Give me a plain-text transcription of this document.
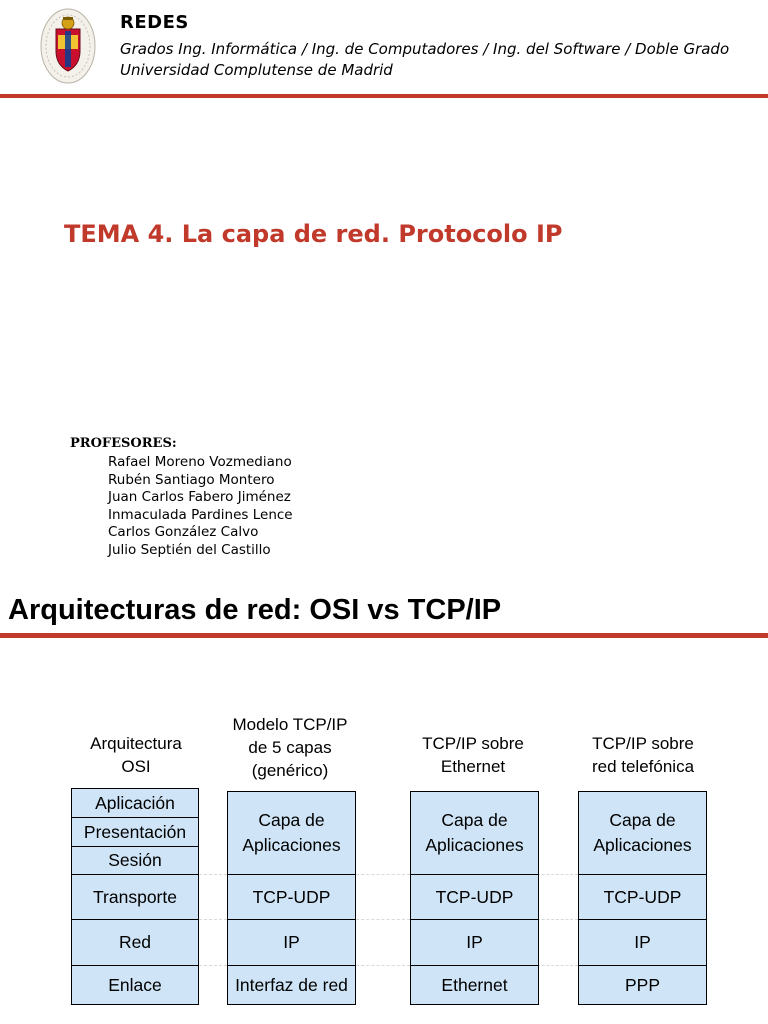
REDES
Grados Ing. Informática / Ing. de Computadores / Ing. del Software / Doble Grado
Universidad Complutense de Madrid
TEMA 4. La capa de red. Protocolo IP
PROFESORES:
Rafael Moreno Vozmediano
Rubén Santiago Montero
Juan Carlos Fabero Jiménez
Inmaculada Pardines Lence
Carlos González Calvo
Julio Septién del Castillo
Arquitecturas de red: OSI vs TCP/IP
Arquitectura
OSI
Modelo TCP/IP
de 5 capas
(genérico)
TCP/IP sobre
Ethernet
TCP/IP sobre
red telefónica
Aplicación
Presentación
Sesión
Transporte
Red
Enlace
Capa de
Aplicaciones
TCP-UDP
IP
Interfaz de red
Capa de
Aplicaciones
TCP-UDP
IP
Ethernet
Capa de
Aplicaciones
TCP-UDP
IP
PPP
